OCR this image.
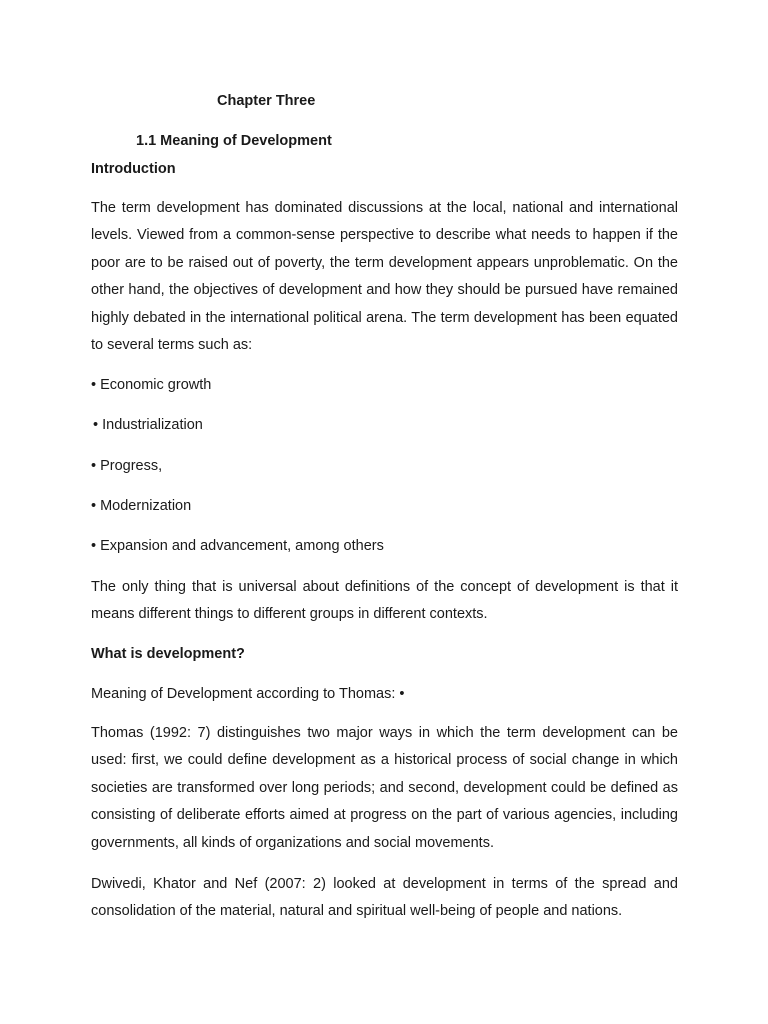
Chapter Three

1.1 Meaning of Development

Introduction

The term development has dominated discussions at the local, national and international levels. Viewed from a common-sense perspective to describe what needs to happen if the poor are to be raised out of poverty, the term development appears unproblematic. On the other hand, the objectives of development and how they should be pursued have remained highly debated in the international political arena. The term development has been equated to several terms such as:

• Economic growth

• Industrialization

• Progress,

• Modernization

• Expansion and advancement, among others

The only thing that is universal about definitions of the concept of development is that it means different things to different groups in different contexts.

What is development?

Meaning of Development according to Thomas: •

Thomas (1992: 7) distinguishes two major ways in which the term development can be used: first, we could define development as a historical process of social change in which societies are transformed over long periods; and second, development could be defined as consisting of deliberate efforts aimed at progress on the part of various agencies, including governments, all kinds of organizations and social movements.

Dwivedi, Khator and Nef (2007: 2) looked at development in terms of the spread and consolidation of the material, natural and spiritual well-being of people and nations.
